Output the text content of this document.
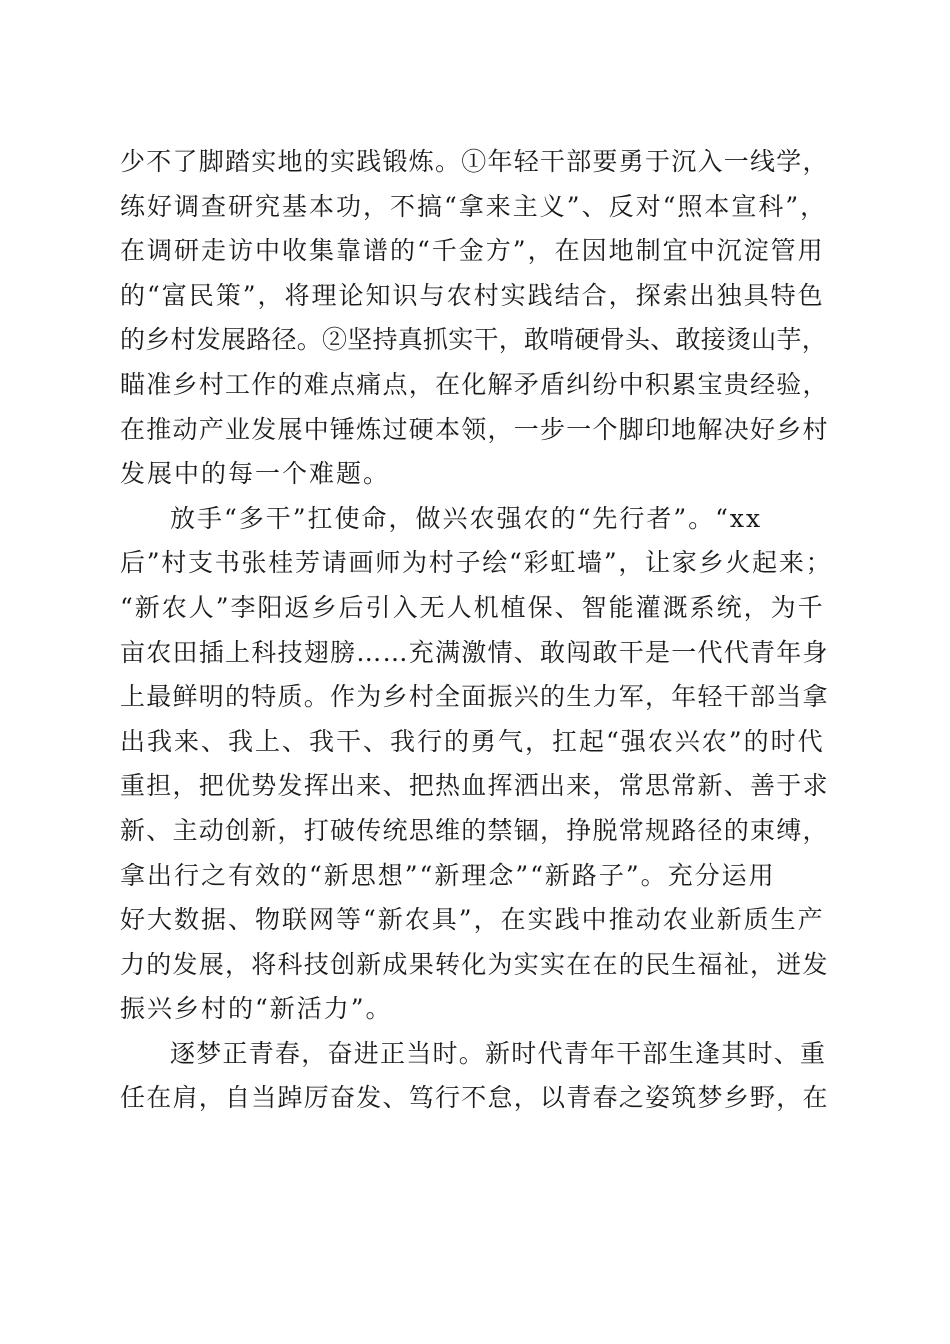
少不了脚踏实地的实践锻炼。①年轻干部要勇于沉入一线学，
练好调查研究基本功，不搞“拿来主义”、反对“照本宣科”，
在调研走访中收集靠谱的“千金方”，在因地制宜中沉淀管用
的“富民策”，将理论知识与农村实践结合，探索出独具特色
的乡村发展路径。②坚持真抓实干，敢啃硬骨头、敢接烫山芋，
瞄准乡村工作的难点痛点，在化解矛盾纠纷中积累宝贵经验，
在推动产业发展中锤炼过硬本领，一步一个脚印地解决好乡村
发展中的每一个难题。

放手“多干”扛使命，做兴农强农的“先行者”。“xx
后”村支书张桂芳请画师为村子绘“彩虹墙”，让家乡火起来；
“新农人”李阳返乡后引入无人机植保、智能灌溉系统，为千
亩农田插上科技翅膀……充满激情、敢闯敢干是一代代青年身
上最鲜明的特质。作为乡村全面振兴的生力军，年轻干部当拿
出我来、我上、我干、我行的勇气，扛起“强农兴农”的时代
重担，把优势发挥出来、把热血挥洒出来，常思常新、善于求
新、主动创新，打破传统思维的禁锢，挣脱常规路径的束缚，
拿出行之有效的“新思想”“新理念”“新路子”。充分运用
好大数据、物联网等“新农具”，在实践中推动农业新质生产
力的发展，将科技创新成果转化为实实在在的民生福祉，迸发
振兴乡村的“新活力”。

逐梦正青春，奋进正当时。新时代青年干部生逢其时、重
任在肩，自当踔厉奋发、笃行不怠，以青春之姿筑梦乡野，在
